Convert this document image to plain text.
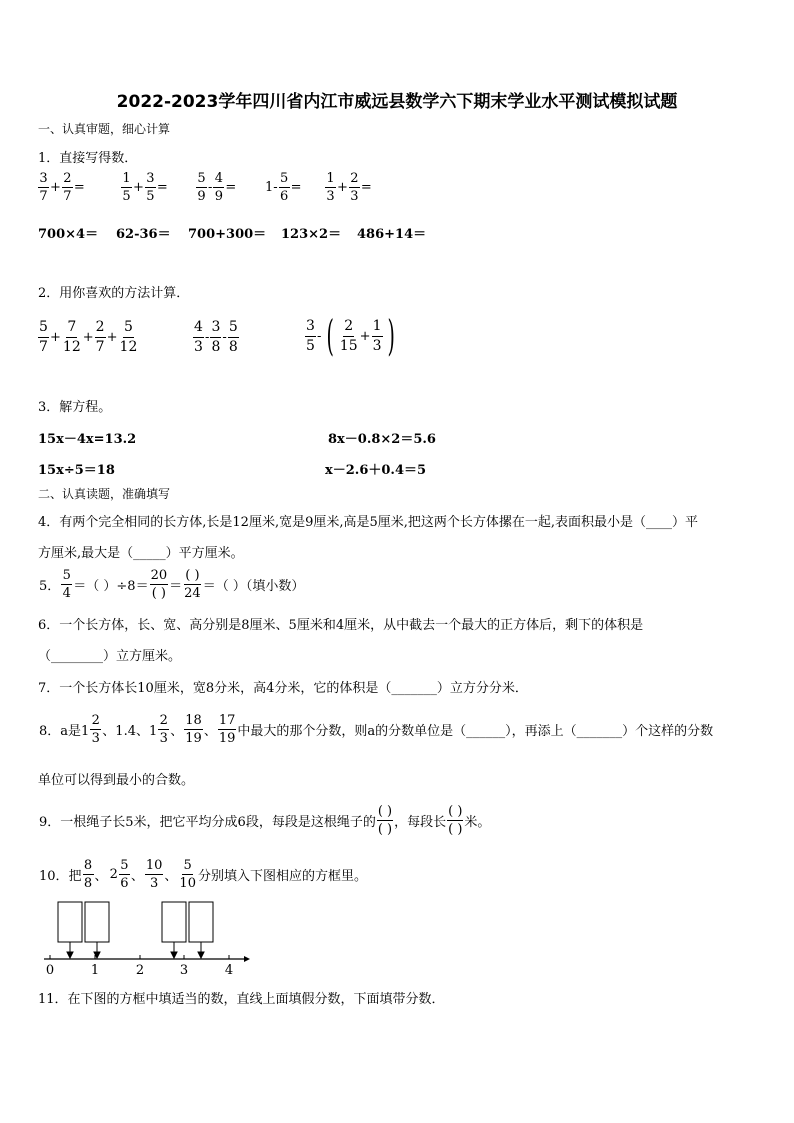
2022-2023学年四川省内江市威远县数学六下期末学业水平测试模拟试题
一、认真审题，细心计算
1．直接写得数．
$\frac{3}{7} + \frac{2}{7}$ =	$\frac{1}{5} + \frac{3}{5} = \frac{5}{9} - \frac{4}{9} = 1- \frac{5}{6} = \frac{1}{3} + \frac{2}{3}$ =
700×4＝ 62-36＝ 700+300＝ 123×2＝ 486+14＝
2．用你喜欢的方法计算．
$\frac{5}{7} + \frac{7}{12} + \frac{2}{7} + \frac{5}{12}$	$\frac{4}{3} - \frac{3}{8} - \frac{5}{8}$	$\frac{3}{5}$ - ( $\frac{2}{15} + \frac{1}{3}$ )
3．解方程。
15x－4x=13.2	8x－0.8×2＝5.6
15x÷5＝18	x－2.6＋0.4＝5
二、认真读题，准确填写
4．有两个完全相同的长方体,长是12厘米,宽是9厘米,高是5厘米,把这两个长方体摞在一起,表面积最小是（____）平
方厘米,最大是（_____）平方厘米。
5． $\frac{5}{4}$ ＝（ ）$\div 8= \frac{20}{( )} = \frac{( )}{24}$ ＝（ ）（填小数）
6．一个长方体，长、宽、高分别是8厘米、5厘米和4厘米，从中截去一个最大的正方体后，剩下的体积是
（________）立方厘米。
7．一个长方体长10厘米，宽8分米，高4分米，它的体积是（_______）立方分分米．
8．a是$1 \frac{2}{3}$ 、1.4、$1 \frac{2}{3}$ 、 $\frac{18}{19}$ 、 $\frac{17}{19}$ 中最大的那个分数，则a的分数单位是（______），再添上（_______）个这样的分数
单位可以得到最小的合数。
9．一根绳子长5米，把它平均分成6段，每段是这根绳子的 $\frac{( )}{( )}$ ，每段长 $\frac{( )}{( )}$ 米。
10．把 $\frac{8}{8}$ 、 $2 \frac{5}{6}$ 、 $\frac{10}{3}$ 、 $\frac{5}{10}$ 分别填入下图相应的方框里。
0	1	2	3	4
11．在下图的方框中填适当的数，直线上面填假分数，下面填带分数．
